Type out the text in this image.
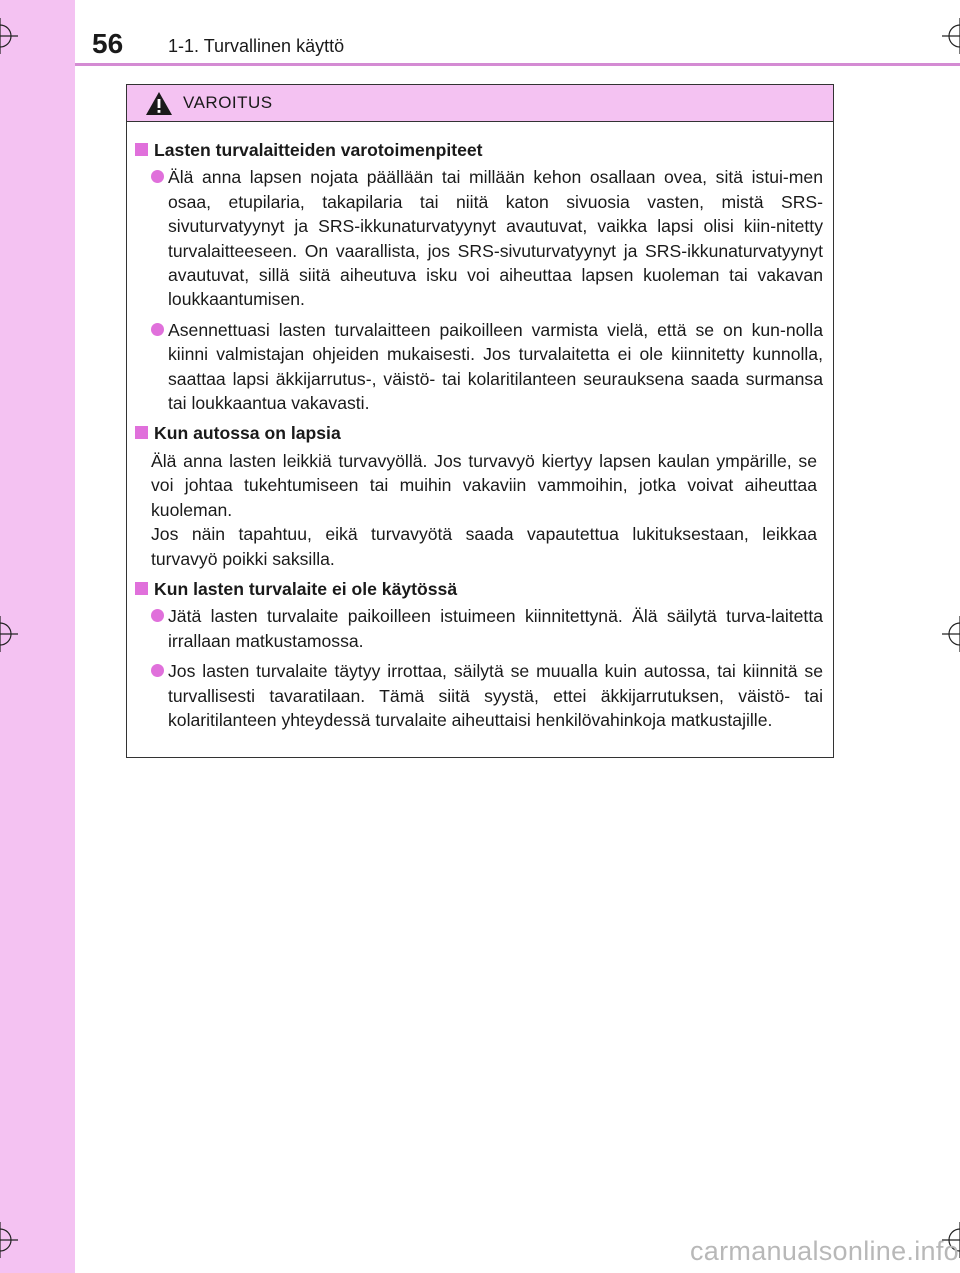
56 1-1. Turvallinen käyttö
VAROITUS
Lasten turvalaitteiden varotoimenpiteet
Älä anna lapsen nojata päällään tai millään kehon osallaan ovea, sitä istui-men osaa, etupilaria, takapilaria tai niitä katon sivuosia vasten, mistä SRS-sivuturvatyynyt ja SRS-ikkunaturvatyynyt avautuvat, vaikka lapsi olisi kiin-nitetty turvalaitteeseen. On vaarallista, jos SRS-sivuturvatyynyt ja SRS-ikkunaturvatyynyt avautuvat, sillä siitä aiheutuva isku voi aiheuttaa lapsen kuoleman tai vakavan loukkaantumisen.
Asennettuasi lasten turvalaitteen paikoilleen varmista vielä, että se on kun-nolla kiinni valmistajan ohjeiden mukaisesti. Jos turvalaitetta ei ole kiinnitetty kunnolla, saattaa lapsi äkkijarrutus-, väistö- tai kolaritilanteen seurauksena saada surmansa tai loukkaantua vakavasti.
Kun autossa on lapsia
Älä anna lasten leikkiä turvavyöllä. Jos turvavyö kiertyy lapsen kaulan ympärille, se voi johtaa tukehtumiseen tai muihin vakaviin vammoihin, jotka voivat aiheuttaa kuoleman.
Jos näin tapahtuu, eikä turvavyötä saada vapautettua lukituksestaan, leikkaa turvavyö poikki saksilla.
Kun lasten turvalaite ei ole käytössä
Jätä lasten turvalaite paikoilleen istuimeen kiinnitettynä. Älä säilytä turva-laitetta irrallaan matkustamossa.
Jos lasten turvalaite täytyy irrottaa, säilytä se muualla kuin autossa, tai kiinnitä se turvallisesti tavaratilaan. Tämä siitä syystä, ettei äkkijarrutuksen, väistö- tai kolaritilanteen yhteydessä turvalaite aiheuttaisi henkilövahinkoja matkustajille.
carmanualsonline.info
